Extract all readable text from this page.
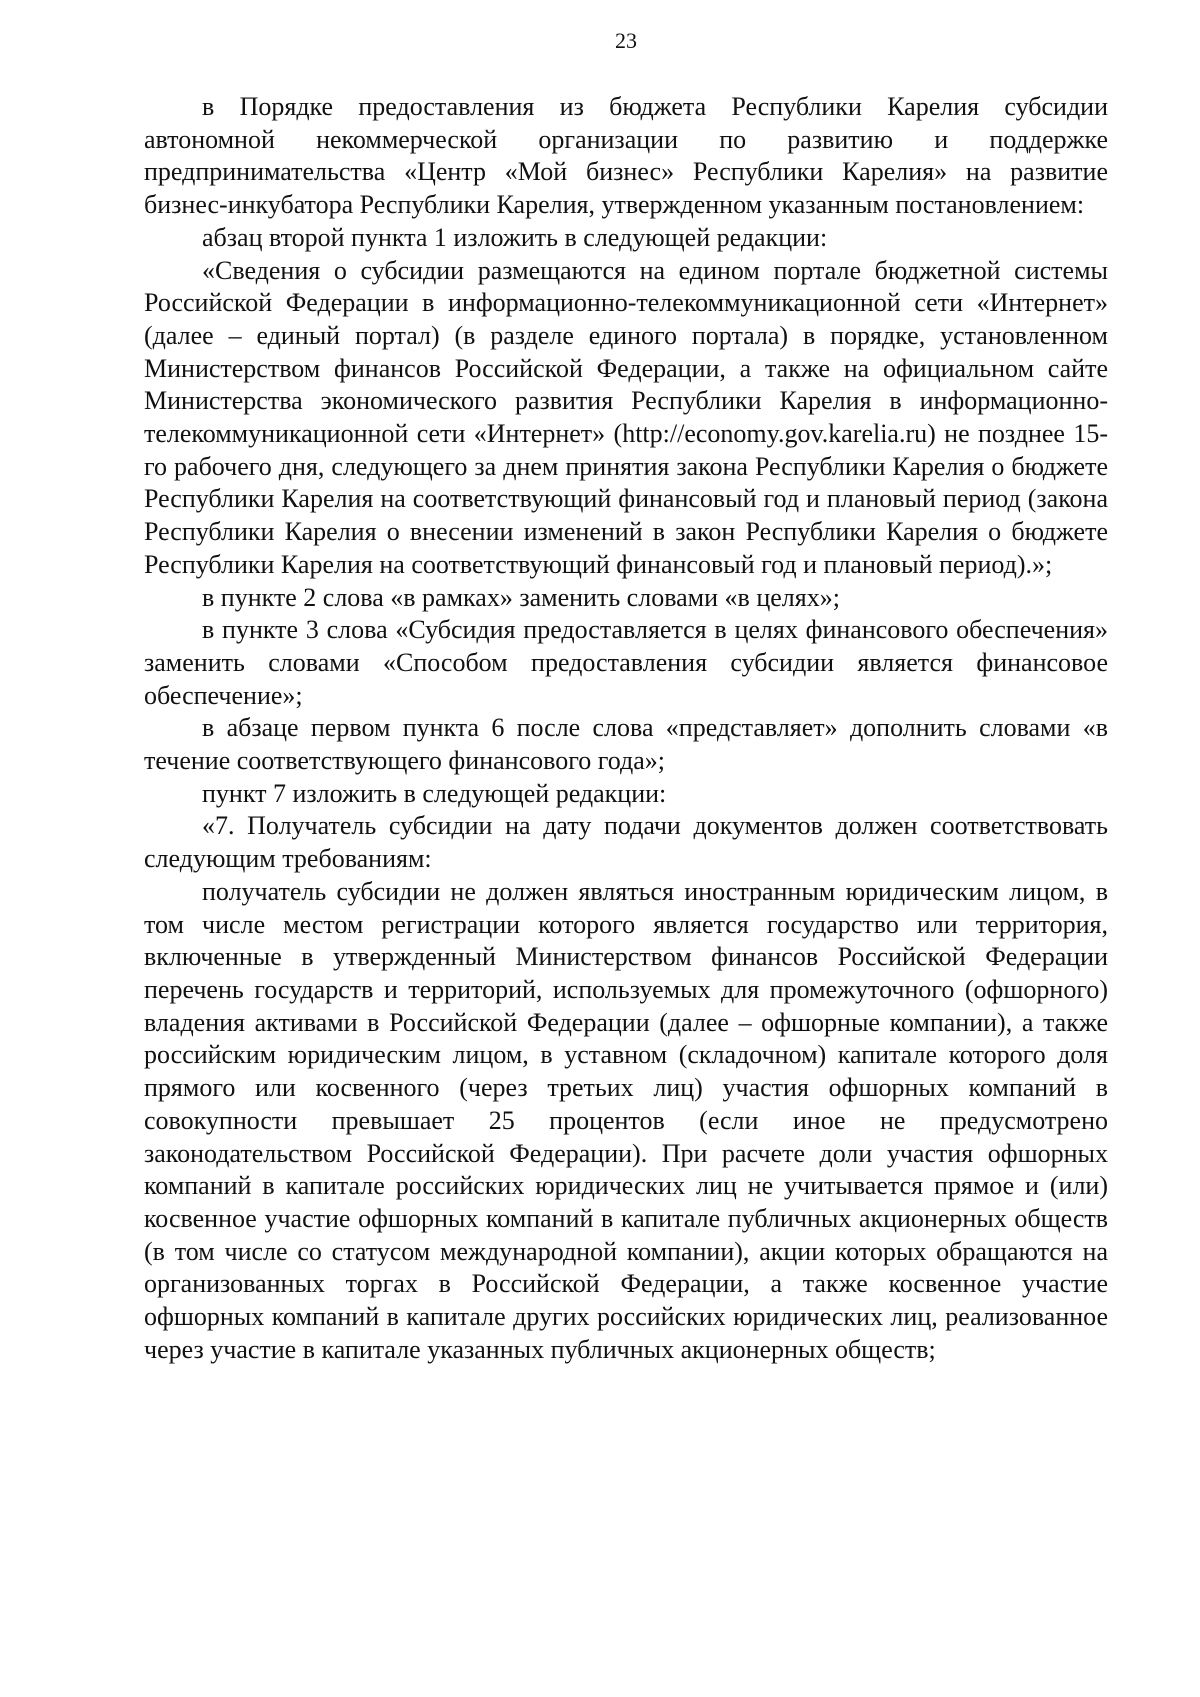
23

в Порядке предоставления из бюджета Республики Карелия субсидии автономной некоммерческой организации по развитию и поддержке предпринимательства «Центр «Мой бизнес» Республики Карелия» на развитие бизнес-инкубатора Республики Карелия, утвержденном указанным постановлением:

абзац второй пункта 1 изложить в следующей редакции:

«Сведения о субсидии размещаются на едином портале бюджетной системы Российской Федерации в информационно-телекоммуникационной сети «Интернет» (далее – единый портал) (в разделе единого портала) в порядке, установленном Министерством финансов Российской Федерации, а также на официальном сайте Министерства экономического развития Республики Карелия в информационно-телекоммуникационной сети «Интернет» (http://economy.gov.karelia.ru) не позднее 15-го рабочего дня, следующего за днем принятия закона Республики Карелия о бюджете Республики Карелия на соответствующий финансовый год и плановый период (закона Республики Карелия о внесении изменений в закон Республики Карелия о бюджете Республики Карелия на соответствующий финансовый год и плановый период).»;

в пункте 2 слова «в рамках» заменить словами «в целях»;

в пункте 3 слова «Субсидия предоставляется в целях финансового обеспечения» заменить словами «Способом предоставления субсидии является финансовое обеспечение»;

в абзаце первом пункта 6 после слова «представляет» дополнить словами «в течение соответствующего финансового года»;

пункт 7 изложить в следующей редакции:

«7. Получатель субсидии на дату подачи документов должен соответствовать следующим требованиям:

получатель субсидии не должен являться иностранным юридическим лицом, в том числе местом регистрации которого является государство или территория, включенные в утвержденный Министерством финансов Российской Федерации перечень государств и территорий, используемых для промежуточного (офшорного) владения активами в Российской Федерации (далее – офшорные компании), а также российским юридическим лицом, в уставном (складочном) капитале которого доля прямого или косвенного (через третьих лиц) участия офшорных компаний в совокупности превышает 25 процентов (если иное не предусмотрено законодательством Российской Федерации). При расчете доли участия офшорных компаний в капитале российских юридических лиц не учитывается прямое и (или) косвенное участие офшорных компаний в капитале публичных акционерных обществ (в том числе со статусом международной компании), акции которых обращаются на организованных торгах в Российской Федерации, а также косвенное участие офшорных компаний в капитале других российских юридических лиц, реализованное через участие в капитале указанных публичных акционерных обществ;
